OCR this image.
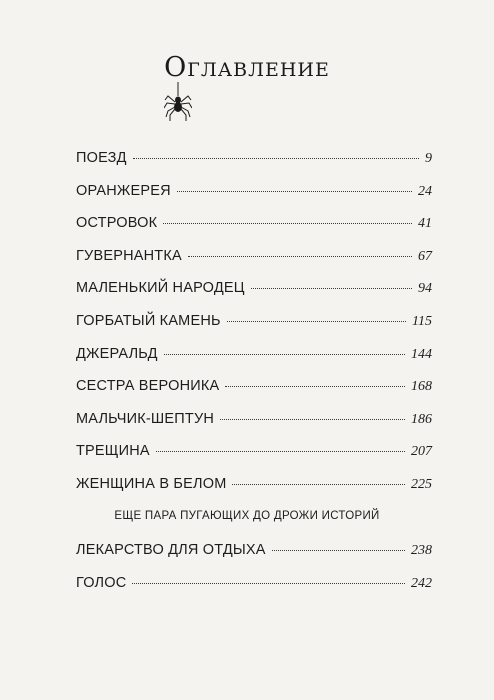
Оглавление
ПОЕЗД	9
ОРАНЖЕРЕЯ	24
ОСТРОВОК	41
ГУВЕРНАНТКА	67
МАЛЕНЬКИЙ НАРОДЕЦ	94
ГОРБАТЫЙ КАМЕНЬ	115
ДЖЕРАЛЬД	144
СЕСТРА ВЕРОНИКА	168
МАЛЬЧИК-ШЕПТУН	186
ТРЕЩИНА	207
ЖЕНЩИНА В БЕЛОМ	225
ЕЩЕ ПАРА ПУГАЮЩИХ ДО ДРОЖИ ИСТОРИЙ
ЛЕКАРСТВО ДЛЯ ОТДЫХА	238
ГОЛОС	242
